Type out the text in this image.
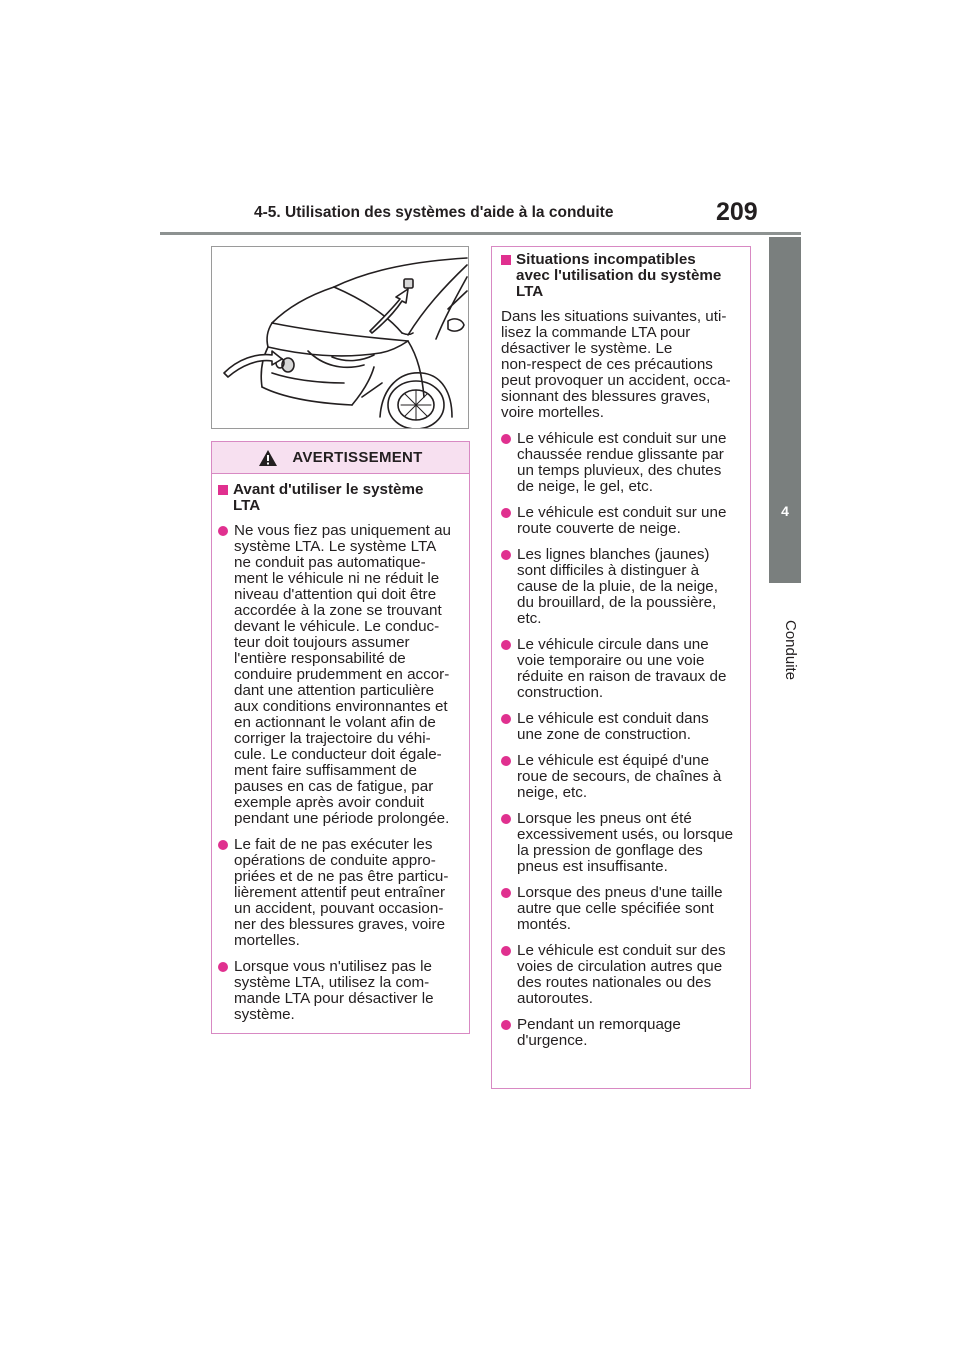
4-5. Utilisation des systèmes d'aide à la conduite	209
4
Conduite
AVERTISSEMENT
Avant d'utiliser le système
LTA
Ne vous fiez pas uniquement au
système LTA. Le système LTA
ne conduit pas automatique-
ment le véhicule ni ne réduit le
niveau d'attention qui doit être
accordée à la zone se trouvant
devant le véhicule. Le conduc-
teur doit toujours assumer
l'entière responsabilité de
conduire prudemment en accor-
dant une attention particulière
aux conditions environnantes et
en actionnant le volant afin de
corriger la trajectoire du véhi-
cule. Le conducteur doit égale-
ment faire suffisamment de
pauses en cas de fatigue, par
exemple après avoir conduit
pendant une période prolongée.
Le fait de ne pas exécuter les
opérations de conduite appro-
priées et de ne pas être particu-
lièrement attentif peut entraîner
un accident, pouvant occasion-
ner des blessures graves, voire
mortelles.
Lorsque vous n'utilisez pas le
système LTA, utilisez la com-
mande LTA pour désactiver le
système.
Situations incompatibles
avec l'utilisation du système
LTA
Dans les situations suivantes, uti-
lisez la commande LTA pour
désactiver le système. Le
non-respect de ces précautions
peut provoquer un accident, occa-
sionnant des blessures graves,
voire mortelles.
Le véhicule est conduit sur une
chaussée rendue glissante par
un temps pluvieux, des chutes
de neige, le gel, etc.
Le véhicule est conduit sur une
route couverte de neige.
Les lignes blanches (jaunes)
sont difficiles à distinguer à
cause de la pluie, de la neige,
du brouillard, de la poussière,
etc.
Le véhicule circule dans une
voie temporaire ou une voie
réduite en raison de travaux de
construction.
Le véhicule est conduit dans
une zone de construction.
Le véhicule est équipé d'une
roue de secours, de chaînes à
neige, etc.
Lorsque les pneus ont été
excessivement usés, ou lorsque
la pression de gonflage des
pneus est insuffisante.
Lorsque des pneus d'une taille
autre que celle spécifiée sont
montés.
Le véhicule est conduit sur des
voies de circulation autres que
des routes nationales ou des
autoroutes.
Pendant un remorquage
d'urgence.
